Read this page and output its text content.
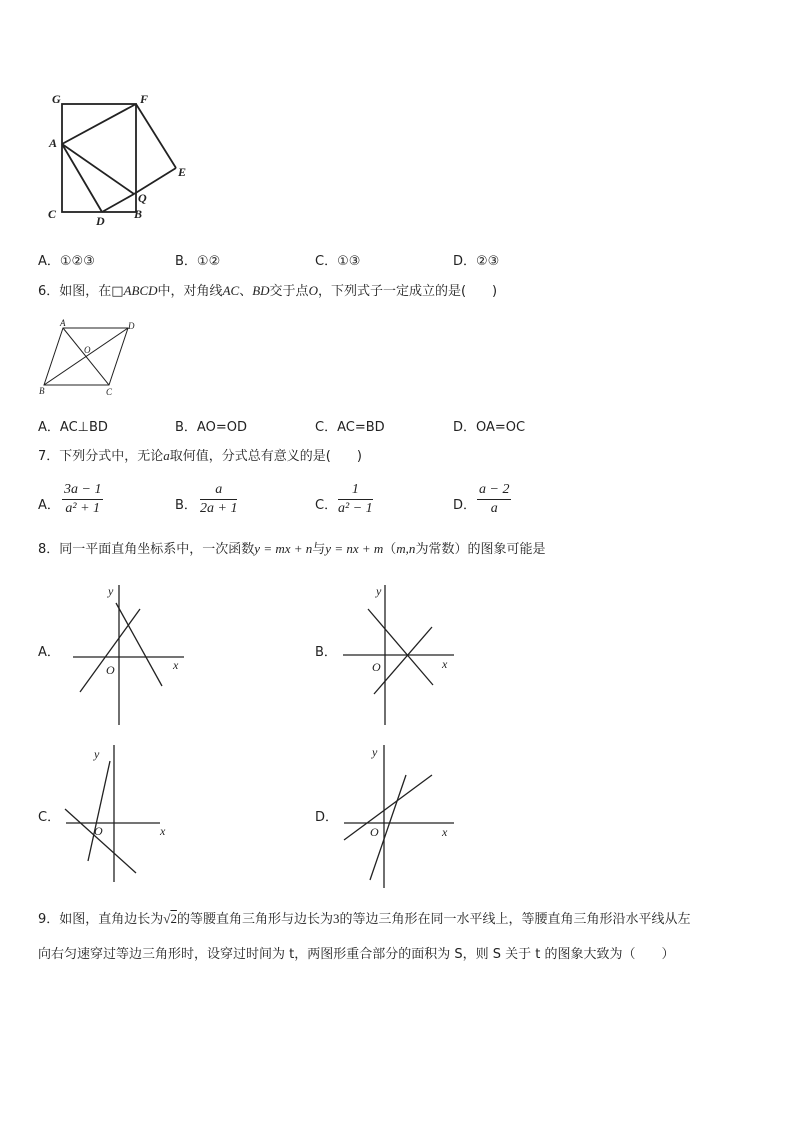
G	F
A
E
C	D B
Q
A．①②③	B．①②	C．①③	D．②③
6．如图，在□ABCD中，对角线AC、BD交于点O，下列式子一定成立的是(　　)
A	D
O
B	C
A．AC⊥BD	B．AO=OD	C．AC=BD	D．OA=OC
7．下列分式中，无论a取何值，分式总有意义的是(　　)
A． $\frac{3a - 1}{\text{a² + 1}}$	B． $\frac{a}{2a + 1}$	C． $\frac{1}{\text{a² − 1}}$	D． $\frac{a - 2}{a}$
8．同一平面直角坐标系中，一次函数y = mx + n与y = nx + m（m,n为常数）的图象可能是
A．
y
x
O
B．
y
x
O
C．
y
x
O
D．
y
x
O
9．如图，直角边长为√2的等腰直角三角形与边长为3的等边三角形在同一水平线上，等腰直角三角形沿水平线从左
向右匀速穿过等边三角形时，设穿过时间为 t，两图形重合部分的面积为 S，则 S 关于 t 的图象大致为（　　）
